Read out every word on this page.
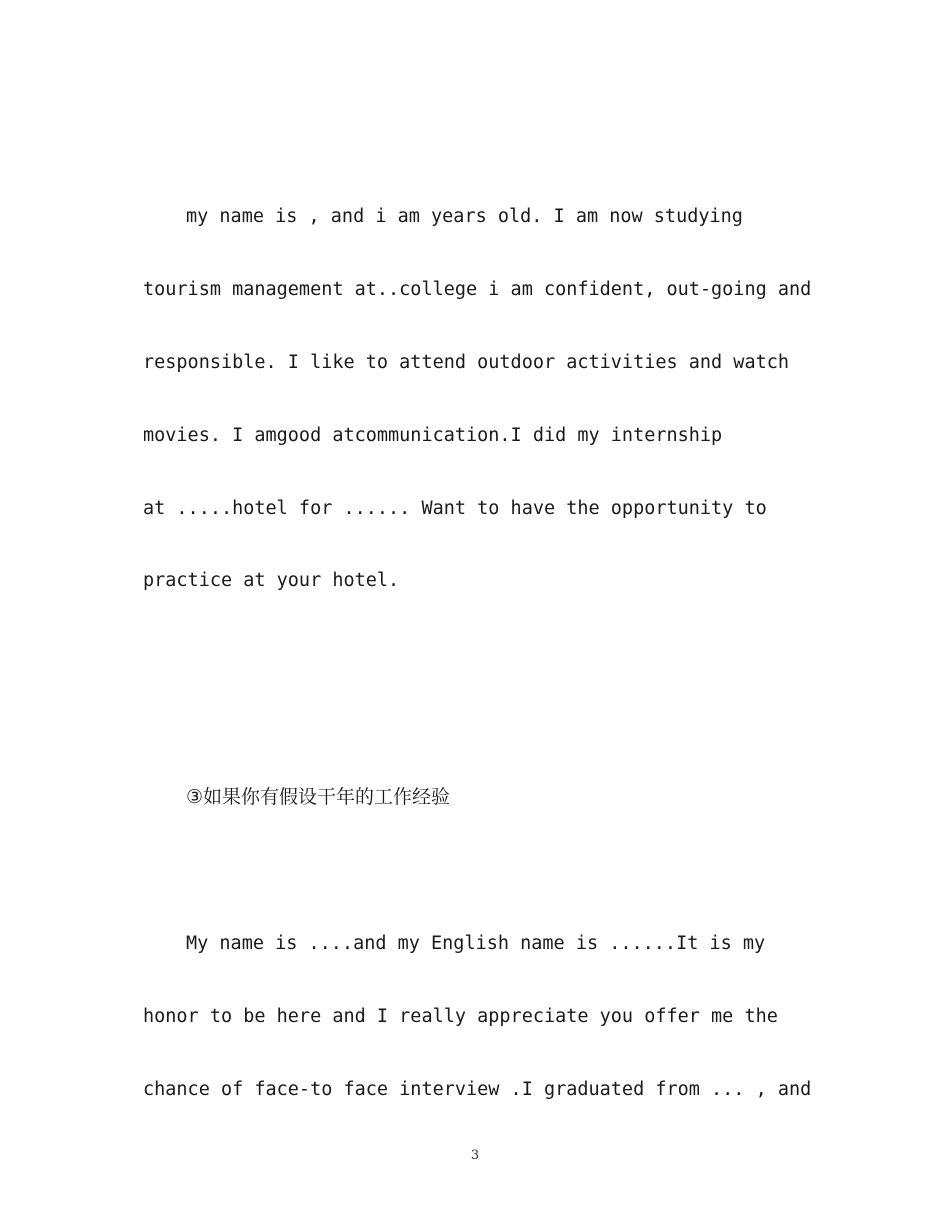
my name is , and i am years old. I am now studying
tourism management at..college i am confident, out-going and
responsible. I like to attend outdoor activities and watch
movies. I amgood atcommunication.I did my internship
at .....hotel for ...... Want to have the opportunity to
practice at your hotel.
③如果你有假设干年的工作经验
My name is ....and my English name is ......It is my
honor to be here and I really appreciate you offer me the
chance of face-to face interview .I graduated from ... , and
3
